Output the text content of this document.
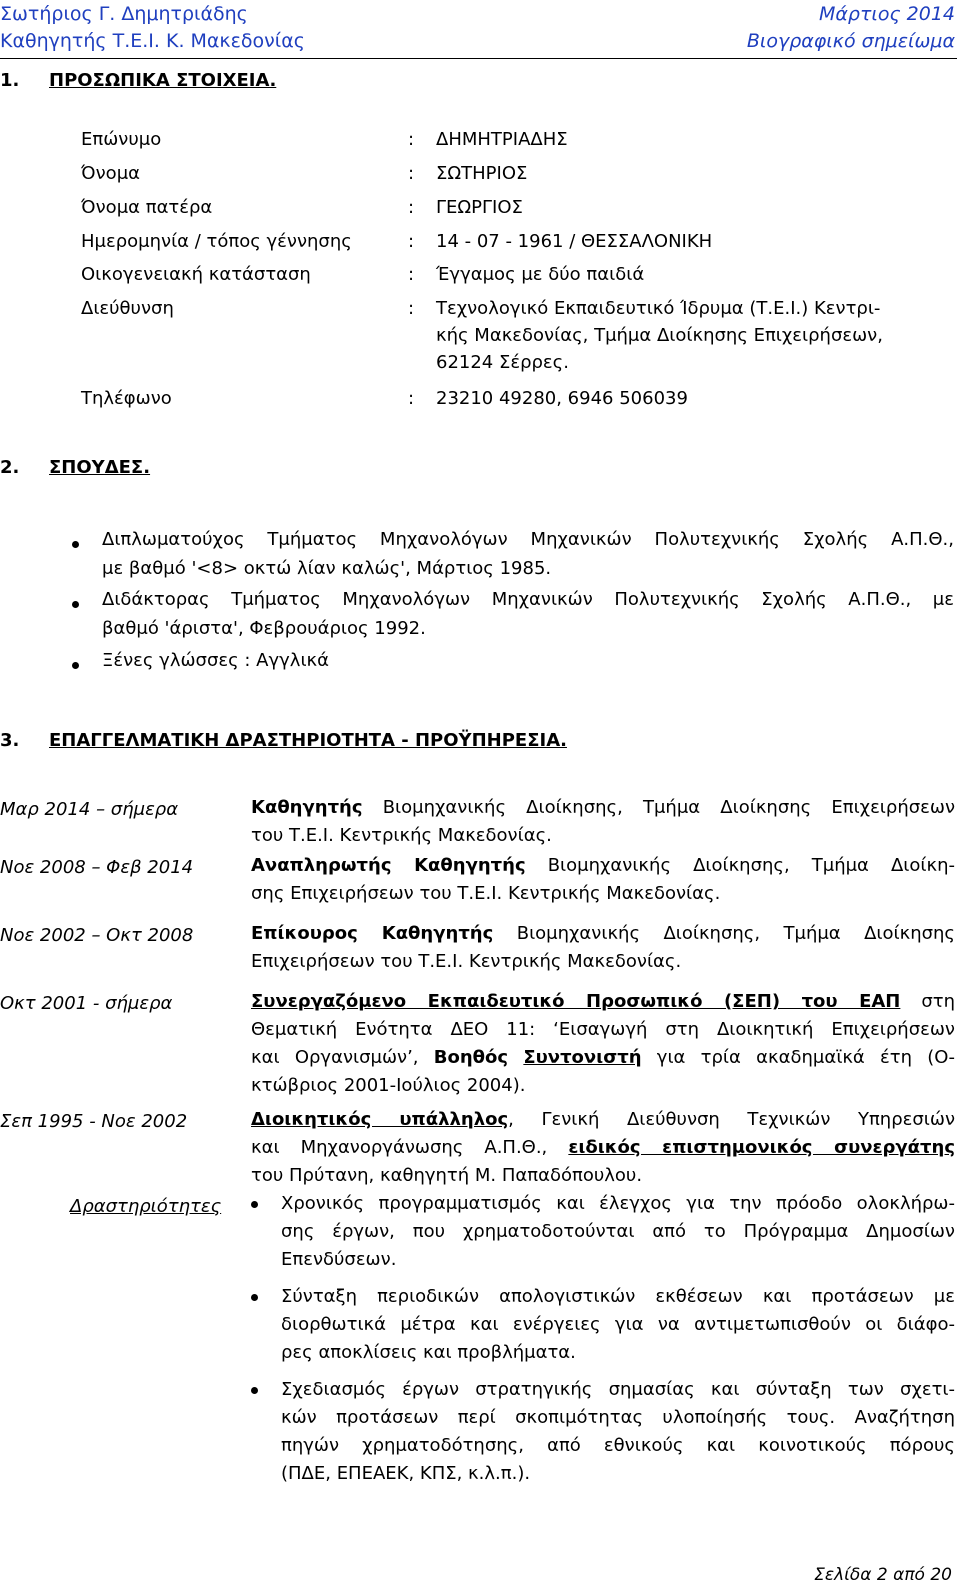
Σωτήριος Γ. Δημητριάδης
Καθηγητής Τ.Ε.Ι. Κ. Μακεδονίας
Μάρτιος 2014
Βιογραφικό σημείωμα
1. ΠΡΟΣΩΠΙΚΑ ΣΤΟΙΧΕΙΑ.
Επώνυμο	: ΔΗΜΗΤΡΙΑΔΗΣ
Όνομα	: ΣΩΤΗΡΙΟΣ
Όνομα πατέρα	: ΓΕΩΡΓΙΟΣ
Ημερομηνία / τόπος γέννησης	: 14 - 07 - 1961 / ΘΕΣΣΑΛΟΝΙΚΗ
Οικογενειακή κατάσταση	: Έγγαμος με δύο παιδιά
Διεύθυνση	: Τεχνολογικό Εκπαιδευτικό Ίδρυμα (Τ.Ε.Ι.) Κεντρι-
κής Μακεδονίας, Τμήμα Διοίκησης Επιχειρήσεων,
62124 Σέρρες.
Τηλέφωνο	: 23210 49280, 6946 506039
2. ΣΠΟΥΔΕΣ.
Διπλωματούχος Τμήματος Μηχανολόγων Μηχανικών Πολυτεχνικής Σχολής Α.Π.Θ.,
με βαθμό '<8> οκτώ λίαν καλώς', Μάρτιος 1985.
Διδάκτορας Τμήματος Μηχανολόγων Μηχανικών Πολυτεχνικής Σχολής Α.Π.Θ., με
βαθμό 'άριστα', Φεβρουάριος 1992.
Ξένες γλώσσες : Αγγλικά
3. ΕΠΑΓΓΕΛΜΑΤΙΚΗ ΔΡΑΣΤΗΡΙΟΤΗΤΑ - ΠΡΟΫΠΗΡΕΣΙΑ.
Μαρ 2014 – σήμερα	Καθηγητής Βιομηχανικής Διοίκησης, Τμήμα Διοίκησης Επιχειρήσεων
του Τ.Ε.Ι. Κεντρικής Μακεδονίας.
Νοε 2008 – Φεβ 2014	Αναπληρωτής Καθηγητής Βιομηχανικής Διοίκησης, Τμήμα Διοίκη-
σης Επιχειρήσεων του Τ.Ε.Ι. Κεντρικής Μακεδονίας.
Νοε 2002 – Οκτ 2008	Επίκουρος Καθηγητής Βιομηχανικής Διοίκησης, Τμήμα Διοίκησης
Επιχειρήσεων του Τ.Ε.Ι. Κεντρικής Μακεδονίας.
Οκτ 2001 - σήμερα	Συνεργαζόμενο Εκπαιδευτικό Προσωπικό (ΣΕΠ) του ΕΑΠ στη
Θεματική Ενότητα ΔΕΟ 11: ‘Εισαγωγή στη Διοικητική Επιχειρήσεων
και Οργανισμών’, Βοηθός Συντονιστή για τρία ακαδημαϊκά έτη (Ο-
κτώβριος 2001-Ιούλιος 2004).
Σεπ 1995 - Νοε 2002	Διοικητικός υπάλληλος, Γενική Διεύθυνση Τεχνικών Υπηρεσιών
και Μηχανοργάνωσης Α.Π.Θ., ειδικός επιστημονικός συνεργάτης
του Πρύτανη, καθηγητή Μ. Παπαδόπουλου.
Δραστηριότητες	Χρονικός προγραμματισμός και έλεγχος για την πρόοδο ολοκλήρω-
σης έργων, που χρηματοδοτούνται από το Πρόγραμμα Δημοσίων
Επενδύσεων.
Σύνταξη περιοδικών απολογιστικών εκθέσεων και προτάσεων με
διορθωτικά μέτρα και ενέργειες για να αντιμετωπισθούν οι διάφο-
ρες αποκλίσεις και προβλήματα.
Σχεδιασμός έργων στρατηγικής σημασίας και σύνταξη των σχετι-
κών προτάσεων περί σκοπιμότητας υλοποίησής τους. Αναζήτηση
πηγών χρηματοδότησης, από εθνικούς και κοινοτικούς πόρους
(ΠΔΕ, ΕΠΕΑΕΚ, ΚΠΣ, κ.λ.π.).
Σελίδα 2 από 20
